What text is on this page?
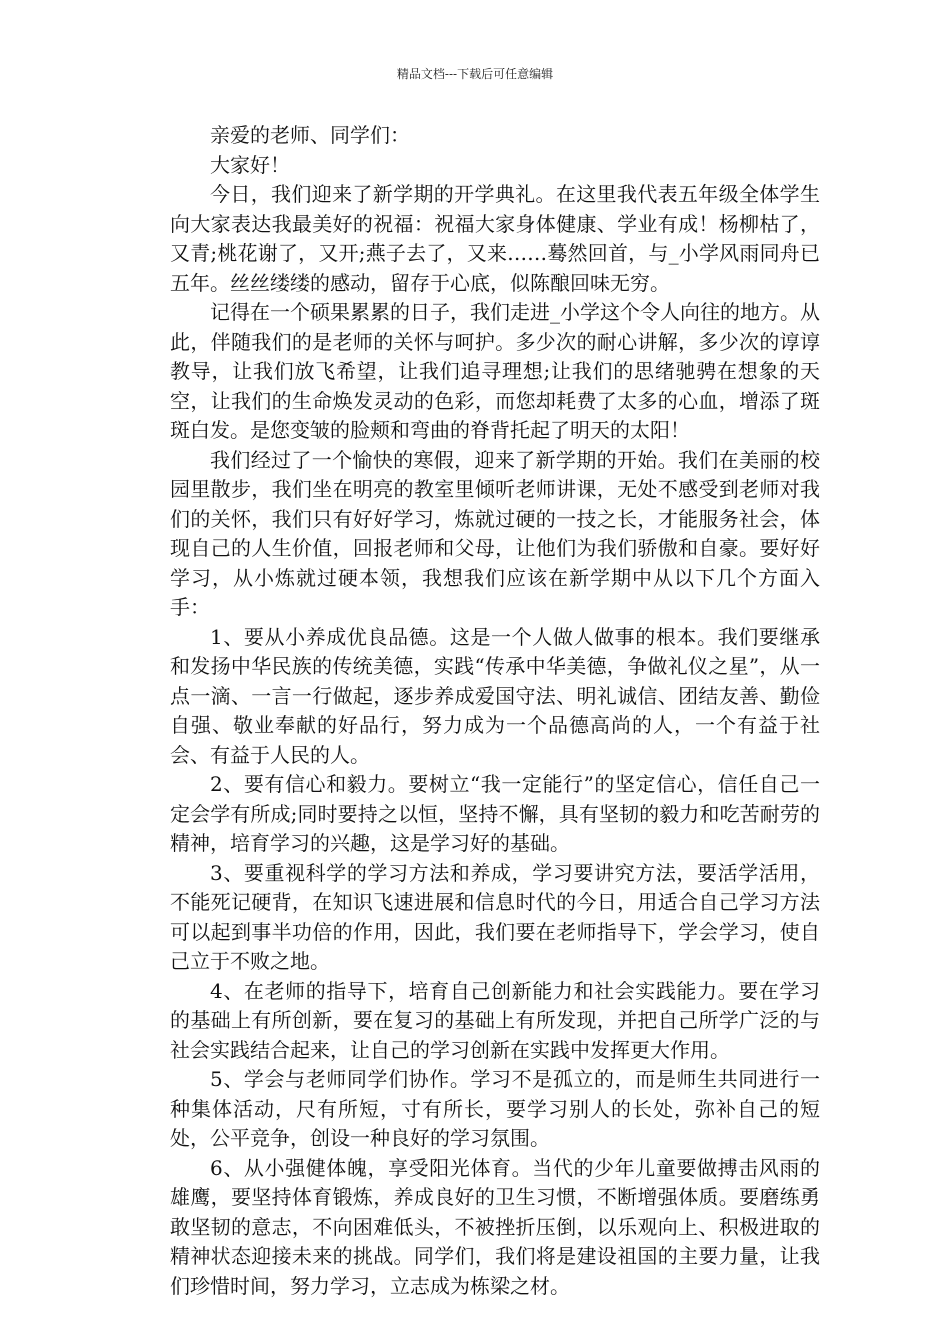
精品文档---下载后可任意编辑

亲爱的老师、同学们：

大家好！

今日，我们迎来了新学期的开学典礼。在这里我代表五年级全体学生向大家表达我最美好的祝福：祝福大家身体健康、学业有成！杨柳枯了，又青;桃花谢了，又开;燕子去了，又来……蓦然回首，与_小学风雨同舟已五年。丝丝缕缕的感动，留存于心底，似陈酿回味无穷。

记得在一个硕果累累的日子，我们走进_小学这个令人向往的地方。从此，伴随我们的是老师的关怀与呵护。多少次的耐心讲解，多少次的谆谆教导，让我们放飞希望，让我们追寻理想;让我们的思绪驰骋在想象的天空，让我们的生命焕发灵动的色彩，而您却耗费了太多的心血，增添了斑斑白发。是您变皱的脸颊和弯曲的脊背托起了明天的太阳！

我们经过了一个愉快的寒假，迎来了新学期的开始。我们在美丽的校园里散步，我们坐在明亮的教室里倾听老师讲课，无处不感受到老师对我们的关怀，我们只有好好学习，炼就过硬的一技之长，才能服务社会，体现自己的人生价值，回报老师和父母，让他们为我们骄傲和自豪。要好好学习，从小炼就过硬本领，我想我们应该在新学期中从以下几个方面入手：

1、要从小养成优良品德。这是一个人做人做事的根本。我们要继承和发扬中华民族的传统美德，实践“传承中华美德，争做礼仪之星”，从一点一滴、一言一行做起，逐步养成爱国守法、明礼诚信、团结友善、勤俭自强、敬业奉献的好品行，努力成为一个品德高尚的人，一个有益于社会、有益于人民的人。

2、要有信心和毅力。要树立“我一定能行”的坚定信心，信任自己一定会学有所成;同时要持之以恒，坚持不懈，具有坚韧的毅力和吃苦耐劳的精神，培育学习的兴趣，这是学习好的基础。

3、要重视科学的学习方法和养成，学习要讲究方法，要活学活用，不能死记硬背，在知识飞速进展和信息时代的今日，用适合自己学习方法可以起到事半功倍的作用，因此，我们要在老师指导下，学会学习，使自己立于不败之地。

4、在老师的指导下，培育自己创新能力和社会实践能力。要在学习的基础上有所创新，要在复习的基础上有所发现，并把自己所学广泛的与社会实践结合起来，让自己的学习创新在实践中发挥更大作用。

5、学会与老师同学们协作。学习不是孤立的，而是师生共同进行一种集体活动，尺有所短，寸有所长，要学习别人的长处，弥补自己的短处，公平竞争，创设一种良好的学习氛围。

6、从小强健体魄，享受阳光体育。当代的少年儿童要做搏击风雨的雄鹰，要坚持体育锻炼，养成良好的卫生习惯，不断增强体质。要磨练勇敢坚韧的意志，不向困难低头，不被挫折压倒，以乐观向上、积极进取的精神状态迎接未来的挑战。同学们，我们将是建设祖国的主要力量，让我们珍惜时间，努力学习，立志成为栋梁之材。
